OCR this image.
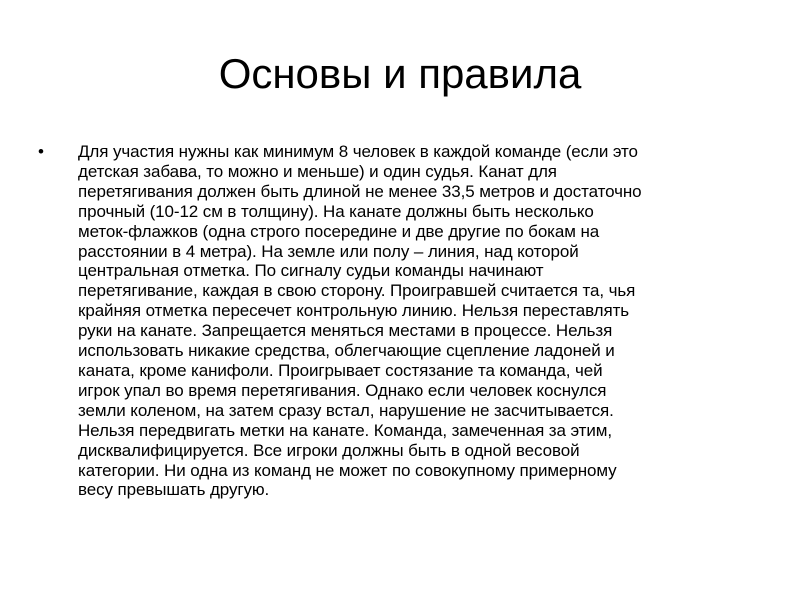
Основы и правила
•	Для участия нужны как минимум 8 человек в каждой команде (если это
детская забава, то можно и меньше) и один судья. Канат для
перетягивания должен быть длиной не менее 33,5 метров и достаточно
прочный (10-12 см в толщину). На канате должны быть несколько
меток-флажков (одна строго посередине и две другие по бокам на
расстоянии в 4 метра). На земле или полу – линия, над которой
центральная отметка. По сигналу судьи команды начинают
перетягивание, каждая в свою сторону. Проигравшей считается та, чья
крайняя отметка пересечет контрольную линию. Нельзя переставлять
руки на канате. Запрещается меняться местами в процессе. Нельзя
использовать никакие средства, облегчающие сцепление ладоней и
каната, кроме канифоли. Проигрывает состязание та команда, чей
игрок упал во время перетягивания. Однако если человек коснулся
земли коленом, на затем сразу встал, нарушение не засчитывается.
Нельзя передвигать метки на канате. Команда, замеченная за этим,
дисквалифицируется. Все игроки должны быть в одной весовой
категории. Ни одна из команд не может по совокупному примерному
весу превышать другую.
